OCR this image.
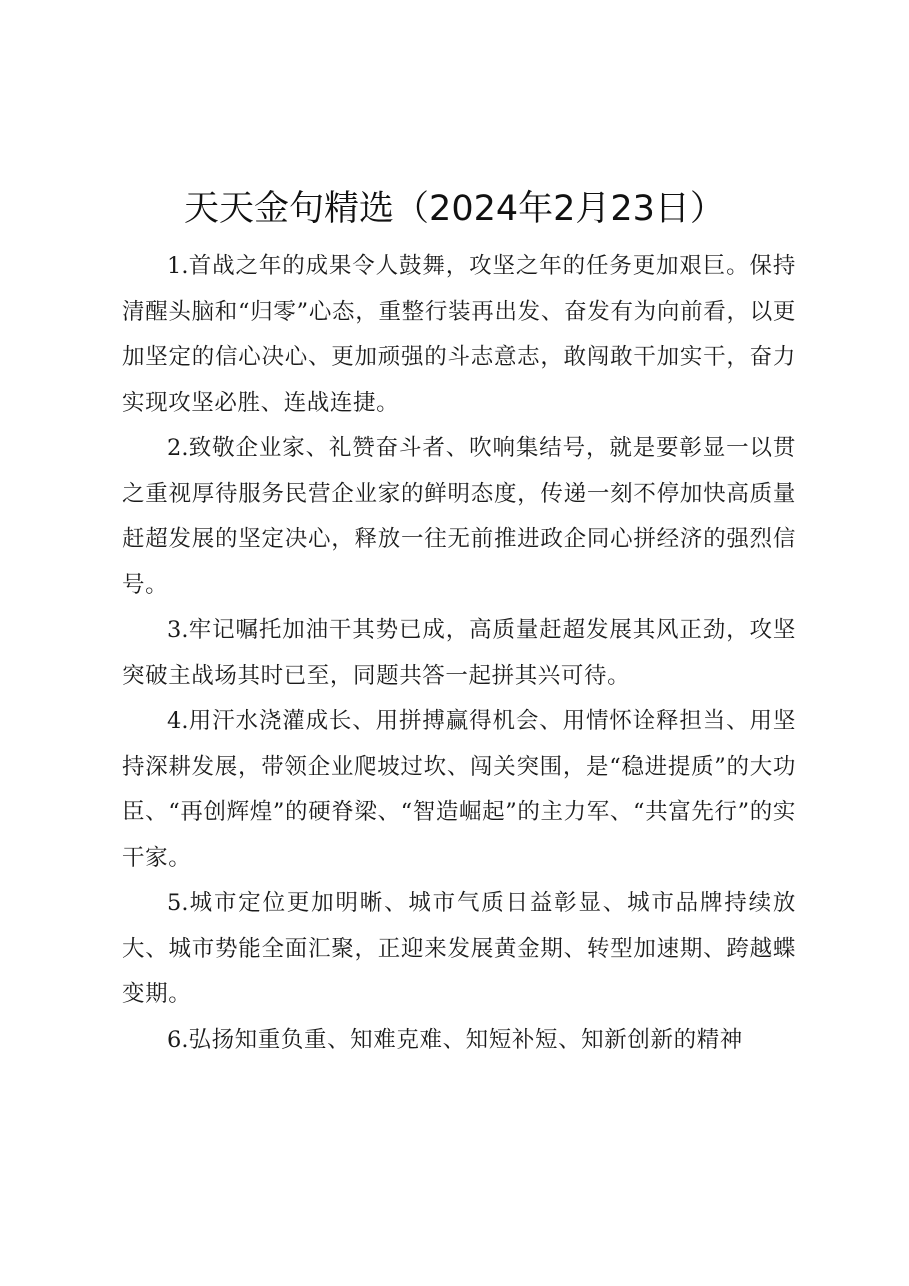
天天金句精选（2024年2月23日）

1.首战之年的成果令人鼓舞，攻坚之年的任务更加艰巨。保持清醒头脑和“归零”心态，重整行装再出发、奋发有为向前看，以更加坚定的信心决心、更加顽强的斗志意志，敢闯敢干加实干，奋力实现攻坚必胜、连战连捷。

2.致敬企业家、礼赞奋斗者、吹响集结号，就是要彰显一以贯之重视厚待服务民营企业家的鲜明态度，传递一刻不停加快高质量赶超发展的坚定决心，释放一往无前推进政企同心拼经济的强烈信号。

3.牢记嘱托加油干其势已成，高质量赶超发展其风正劲，攻坚突破主战场其时已至，同题共答一起拼其兴可待。

4.用汗水浇灌成长、用拼搏赢得机会、用情怀诠释担当、用坚持深耕发展，带领企业爬坡过坎、闯关突围，是“稳进提质”的大功臣、“再创辉煌”的硬脊梁、“智造崛起”的主力军、“共富先行”的实干家。

5.城市定位更加明晰、城市气质日益彰显、城市品牌持续放大、城市势能全面汇聚，正迎来发展黄金期、转型加速期、跨越蝶变期。

6.弘扬知重负重、知难克难、知短补短、知新创新的精神
